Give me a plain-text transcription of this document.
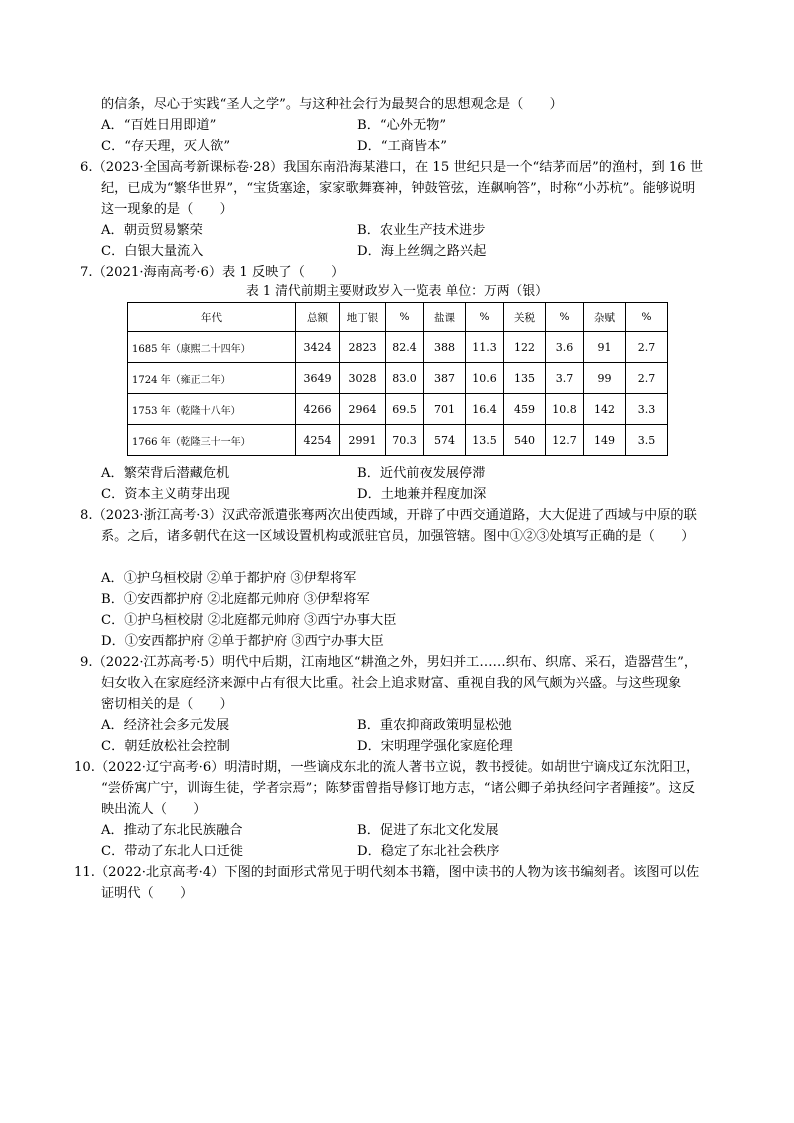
的信条，尽心于实践“圣人之学”。与这种社会行为最契合的思想观念是（　　）
A．“百姓日用即道”	B．“心外无物”
C．“存天理，灭人欲”	D．“工商皆本”
6.（2023·全国高考新课标卷·28）我国东南沿海某港口，在 15 世纪只是一个“结茅而居”的渔村，到 16 世
纪，已成为“繁华世界”，“宝货塞途，家家歌舞赛神，钟鼓管弦，连飙响答”，时称“小苏杭”。能够说明
这一现象的是（　　）
A．朝贡贸易繁荣	B．农业生产技术进步
C．白银大量流入	D．海上丝绸之路兴起
7.（2021·海南高考·6）表 1 反映了（　　）
表 1 清代前期主要财政岁入一览表 单位：万两（银）
年代	总额	地丁银	%	盐课	%	关税	%	杂赋	%
1685 年（康熙二十四年）	3424	2823	82.4	388	11.3	122	3.6	91	2.7
1724 年（雍正二年）	3649	3028	83.0	387	10.6	135	3.7	99	2.7
1753 年（乾隆十八年）	4266	2964	69.5	701	16.4	459	10.8	142	3.3
1766 年（乾隆三十一年）	4254	2991	70.3	574	13.5	540	12.7	149	3.5
A．繁荣背后潜藏危机	B．近代前夜发展停滞
C．资本主义萌芽出现	D．土地兼并程度加深
8.（2023·浙江高考·3）汉武帝派遣张骞两次出使西域，开辟了中西交通道路，大大促进了西域与中原的联
系。之后，诸多朝代在这一区域设置机构或派驻官员，加强管辖。图中①②③处填写正确的是（　　）
A．①护乌桓校尉 ②单于都护府 ③伊犁将军
B．①安西都护府 ②北庭都元帅府 ③伊犁将军
C．①护乌桓校尉 ②北庭都元帅府 ③西宁办事大臣
D．①安西都护府 ②单于都护府 ③西宁办事大臣
9.（2022·江苏高考·5）明代中后期，江南地区“耕渔之外，男妇并工……织布、织席、采石，造器营生”，
妇女收入在家庭经济来源中占有很大比重。社会上追求财富、重视自我的风气颇为兴盛。与这些现象
密切相关的是（　　）
A．经济社会多元发展	B．重农抑商政策明显松弛
C．朝廷放松社会控制	D．宋明理学强化家庭伦理
10.（2022·辽宁高考·6）明清时期，一些谪戍东北的流人著书立说，教书授徒。如胡世宁谪戍辽东沈阳卫，
“尝侨寓广宁，训诲生徒，学者宗焉”；陈梦雷曾指导修订地方志，“诸公卿子弟执经问字者踵接”。这反
映出流人（　　）
A．推动了东北民族融合	B．促进了东北文化发展
C．带动了东北人口迁徙	D．稳定了东北社会秩序
11.（2022·北京高考·4）下图的封面形式常见于明代刻本书籍，图中读书的人物为该书编刻者。该图可以佐
证明代（　　）
